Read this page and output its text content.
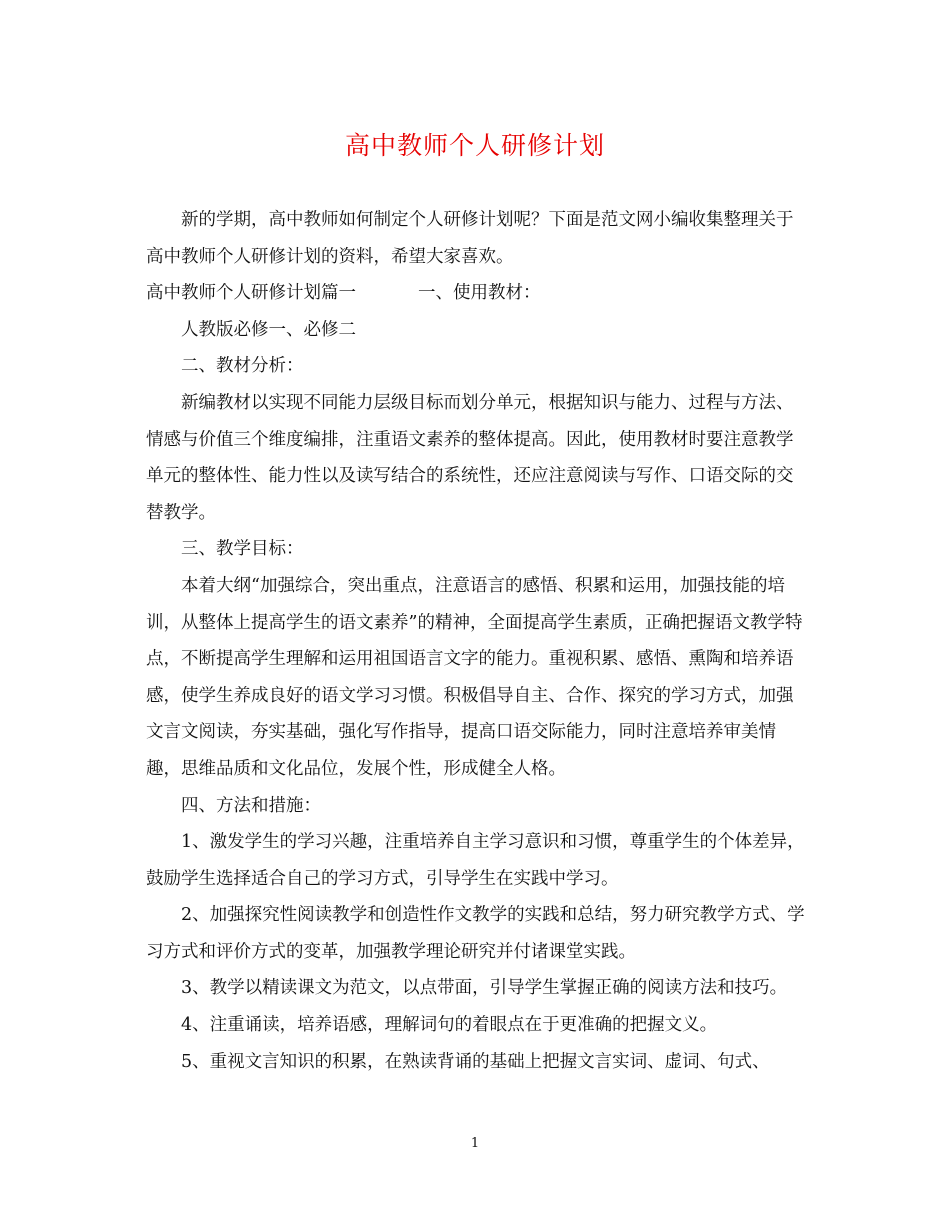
高中教师个人研修计划

新的学期，高中教师如何制定个人研修计划呢？下面是范文网小编收集整理关于高中教师个人研修计划的资料，希望大家喜欢。

高中教师个人研修计划篇一	一、使用教材：

人教版必修一、必修二

二、教材分析：

新编教材以实现不同能力层级目标而划分单元，根据知识与能力、过程与方法、情感与价值三个维度编排，注重语文素养的整体提高。因此，使用教材时要注意教学单元的整体性、能力性以及读写结合的系统性，还应注意阅读与写作、口语交际的交替教学。

三、教学目标：

本着大纲“加强综合，突出重点，注意语言的感悟、积累和运用，加强技能的培训，从整体上提高学生的语文素养”的精神，全面提高学生素质，正确把握语文教学特点，不断提高学生理解和运用祖国语言文字的能力。重视积累、感悟、熏陶和培养语感，使学生养成良好的语文学习习惯。积极倡导自主、合作、探究的学习方式，加强文言文阅读，夯实基础，强化写作指导，提高口语交际能力，同时注意培养审美情趣，思维品质和文化品位，发展个性，形成健全人格。

四、方法和措施：

1、激发学生的学习兴趣，注重培养自主学习意识和习惯，尊重学生的个体差异，鼓励学生选择适合自己的学习方式，引导学生在实践中学习。

2、加强探究性阅读教学和创造性作文教学的实践和总结，努力研究教学方式、学习方式和评价方式的变革，加强教学理论研究并付诸课堂实践。

3、教学以精读课文为范文，以点带面，引导学生掌握正确的阅读方法和技巧。

4、注重诵读，培养语感，理解词句的着眼点在于更准确的把握文义。

5、重视文言知识的积累，在熟读背诵的基础上把握文言实词、虚词、句式、

1
